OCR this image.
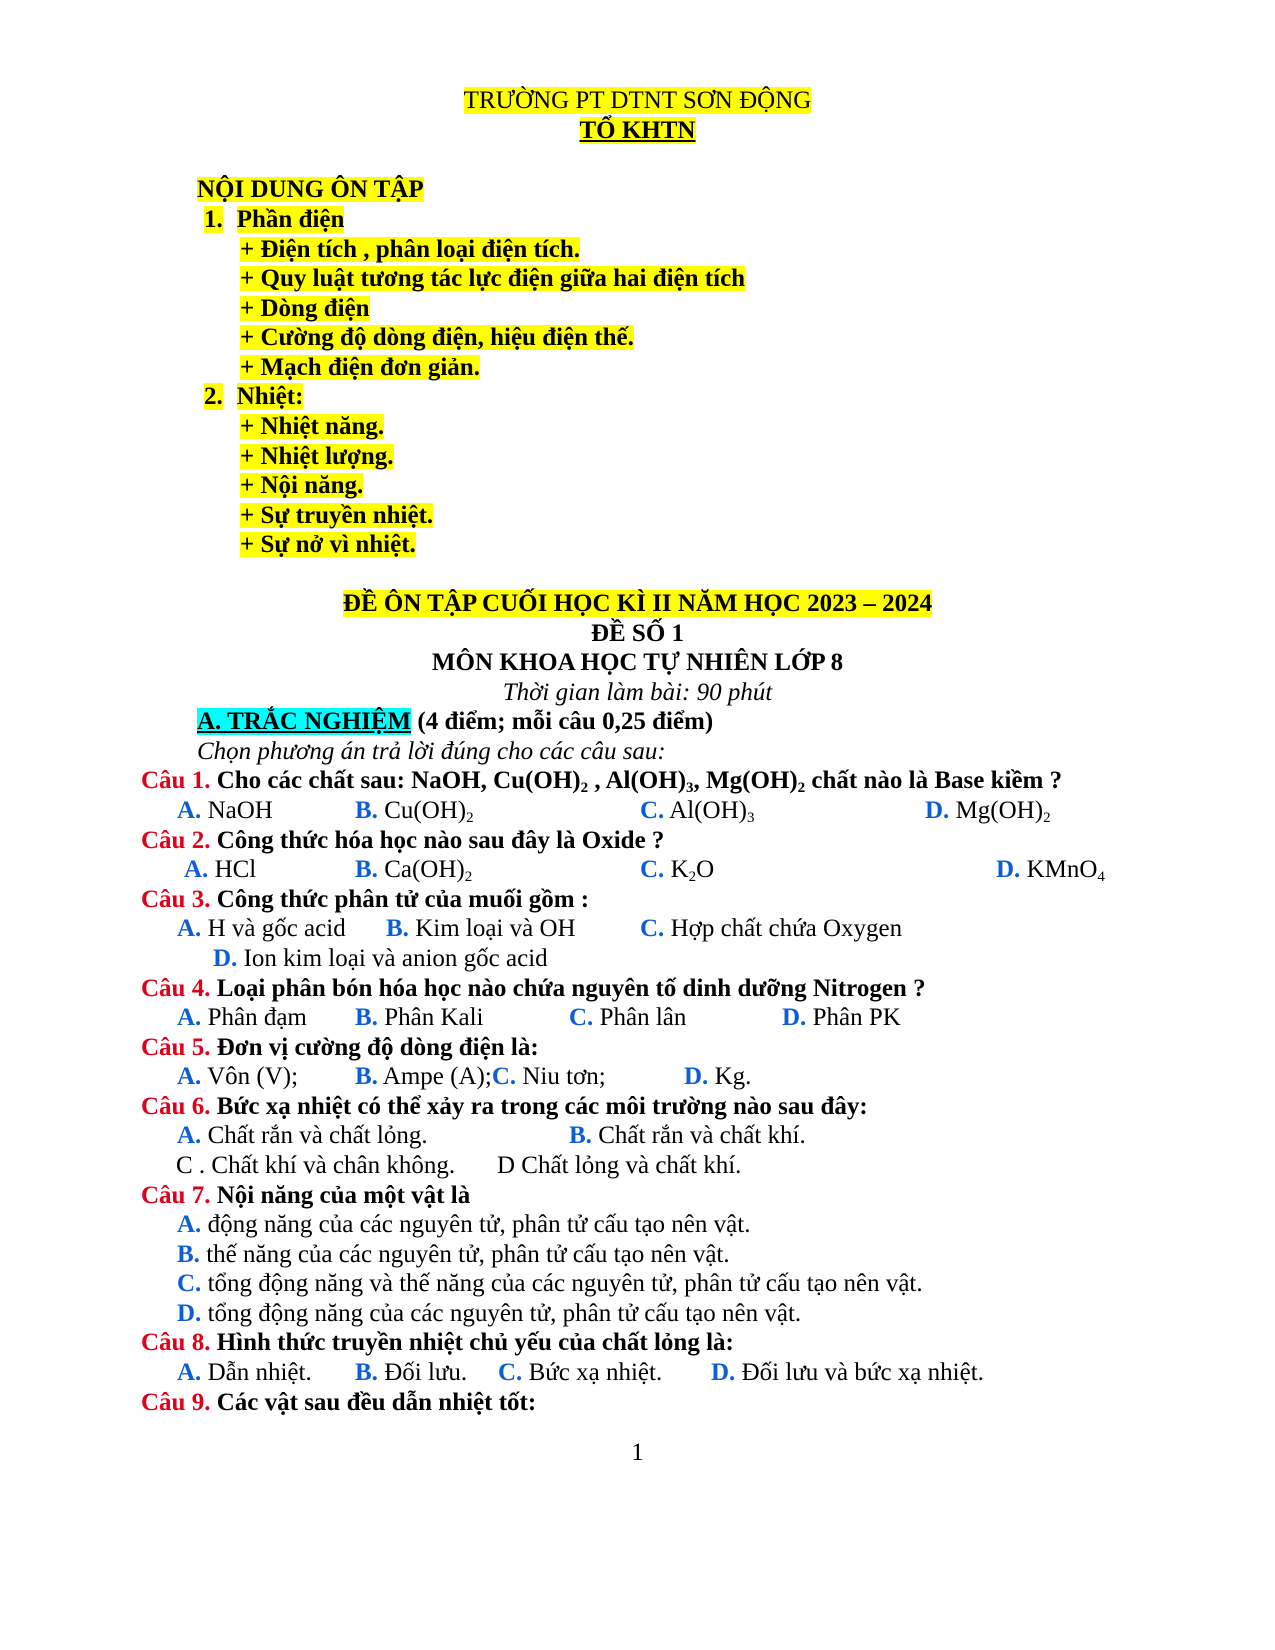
TRƯỜNG PT DTNT SƠN ĐỘNG
TỔ KHTN
NỘI DUNG ÔN TẬP
1. Phần điện
+ Điện tích , phân loại điện tích.
+ Quy luật tương tác lực điện giữa hai điện tích
+ Dòng điện
+ Cường độ dòng điện, hiệu điện thế.
+ Mạch điện đơn giản.
2. Nhiệt:
+ Nhiệt năng.
+ Nhiệt lượng.
+ Nội năng.
+ Sự truyền nhiệt.
+ Sự nở vì nhiệt.
ĐỀ ÔN TẬP CUỐI HỌC KÌ II NĂM HỌC 2023 – 2024
ĐỀ SỐ 1
MÔN KHOA HỌC TỰ NHIÊN LỚP 8
Thời gian làm bài: 90 phút
A. TRẮC NGHIỆM (4 điểm; mỗi câu 0,25 điểm)
Chọn phương án trả lời đúng cho các câu sau:
Câu 1. Cho các chất sau: NaOH, $Cu(OH)_2$ , $Al(OH)_3$, $Mg(OH)_2$ chất nào là Base kiềm ?
A. NaOH	B. $Cu(OH)_2$	C. $Al(OH)_3$	D. $Mg(OH)_2$
Câu 2. Công thức hóa học nào sau đây là Oxide ?
A. HCl	B. $Ca(OH)_2$	C. $K_2O$	D. KMnO$_4$
Câu 3. Công thức phân tử của muối gồm :
A. H và gốc acid B. Kim loại và OH	C. Hợp chất chứa Oxygen
D. Ion kim loại và anion gốc acid
Câu 4. Loại phân bón hóa học nào chứa nguyên tố dinh dưỡng Nitrogen ?
A. Phân đạm B. Phân Kali	C. Phân lân	D. Phân PK
Câu 5. Đơn vị cường độ dòng điện là:
A. Vôn (V); B. Ampe (A);C. Niu tơn;	D. Kg.
Câu 6. Bức xạ nhiệt có thể xảy ra trong các môi trường nào sau đây:
A. Chất rắn và chất lỏng.	B. Chất rắn và chất khí.
C . Chất khí và chân không. D Chất lỏng và chất khí.
Câu 7. Nội năng của một vật là
A. động năng của các nguyên tử, phân tử cấu tạo nên vật.
B. thế năng của các nguyên tử, phân tử cấu tạo nên vật.
C. tổng động năng và thế năng của các nguyên tử, phân tử cấu tạo nên vật.
D. tổng động năng của các nguyên tử, phân tử cấu tạo nên vật.
Câu 8. Hình thức truyền nhiệt chủ yếu của chất lỏng là:
A. Dẫn nhiệt. B. Đối lưu. C. Bức xạ nhiệt. D. Đối lưu và bức xạ nhiệt.
Câu 9. Các vật sau đều dẫn nhiệt tốt:
1
